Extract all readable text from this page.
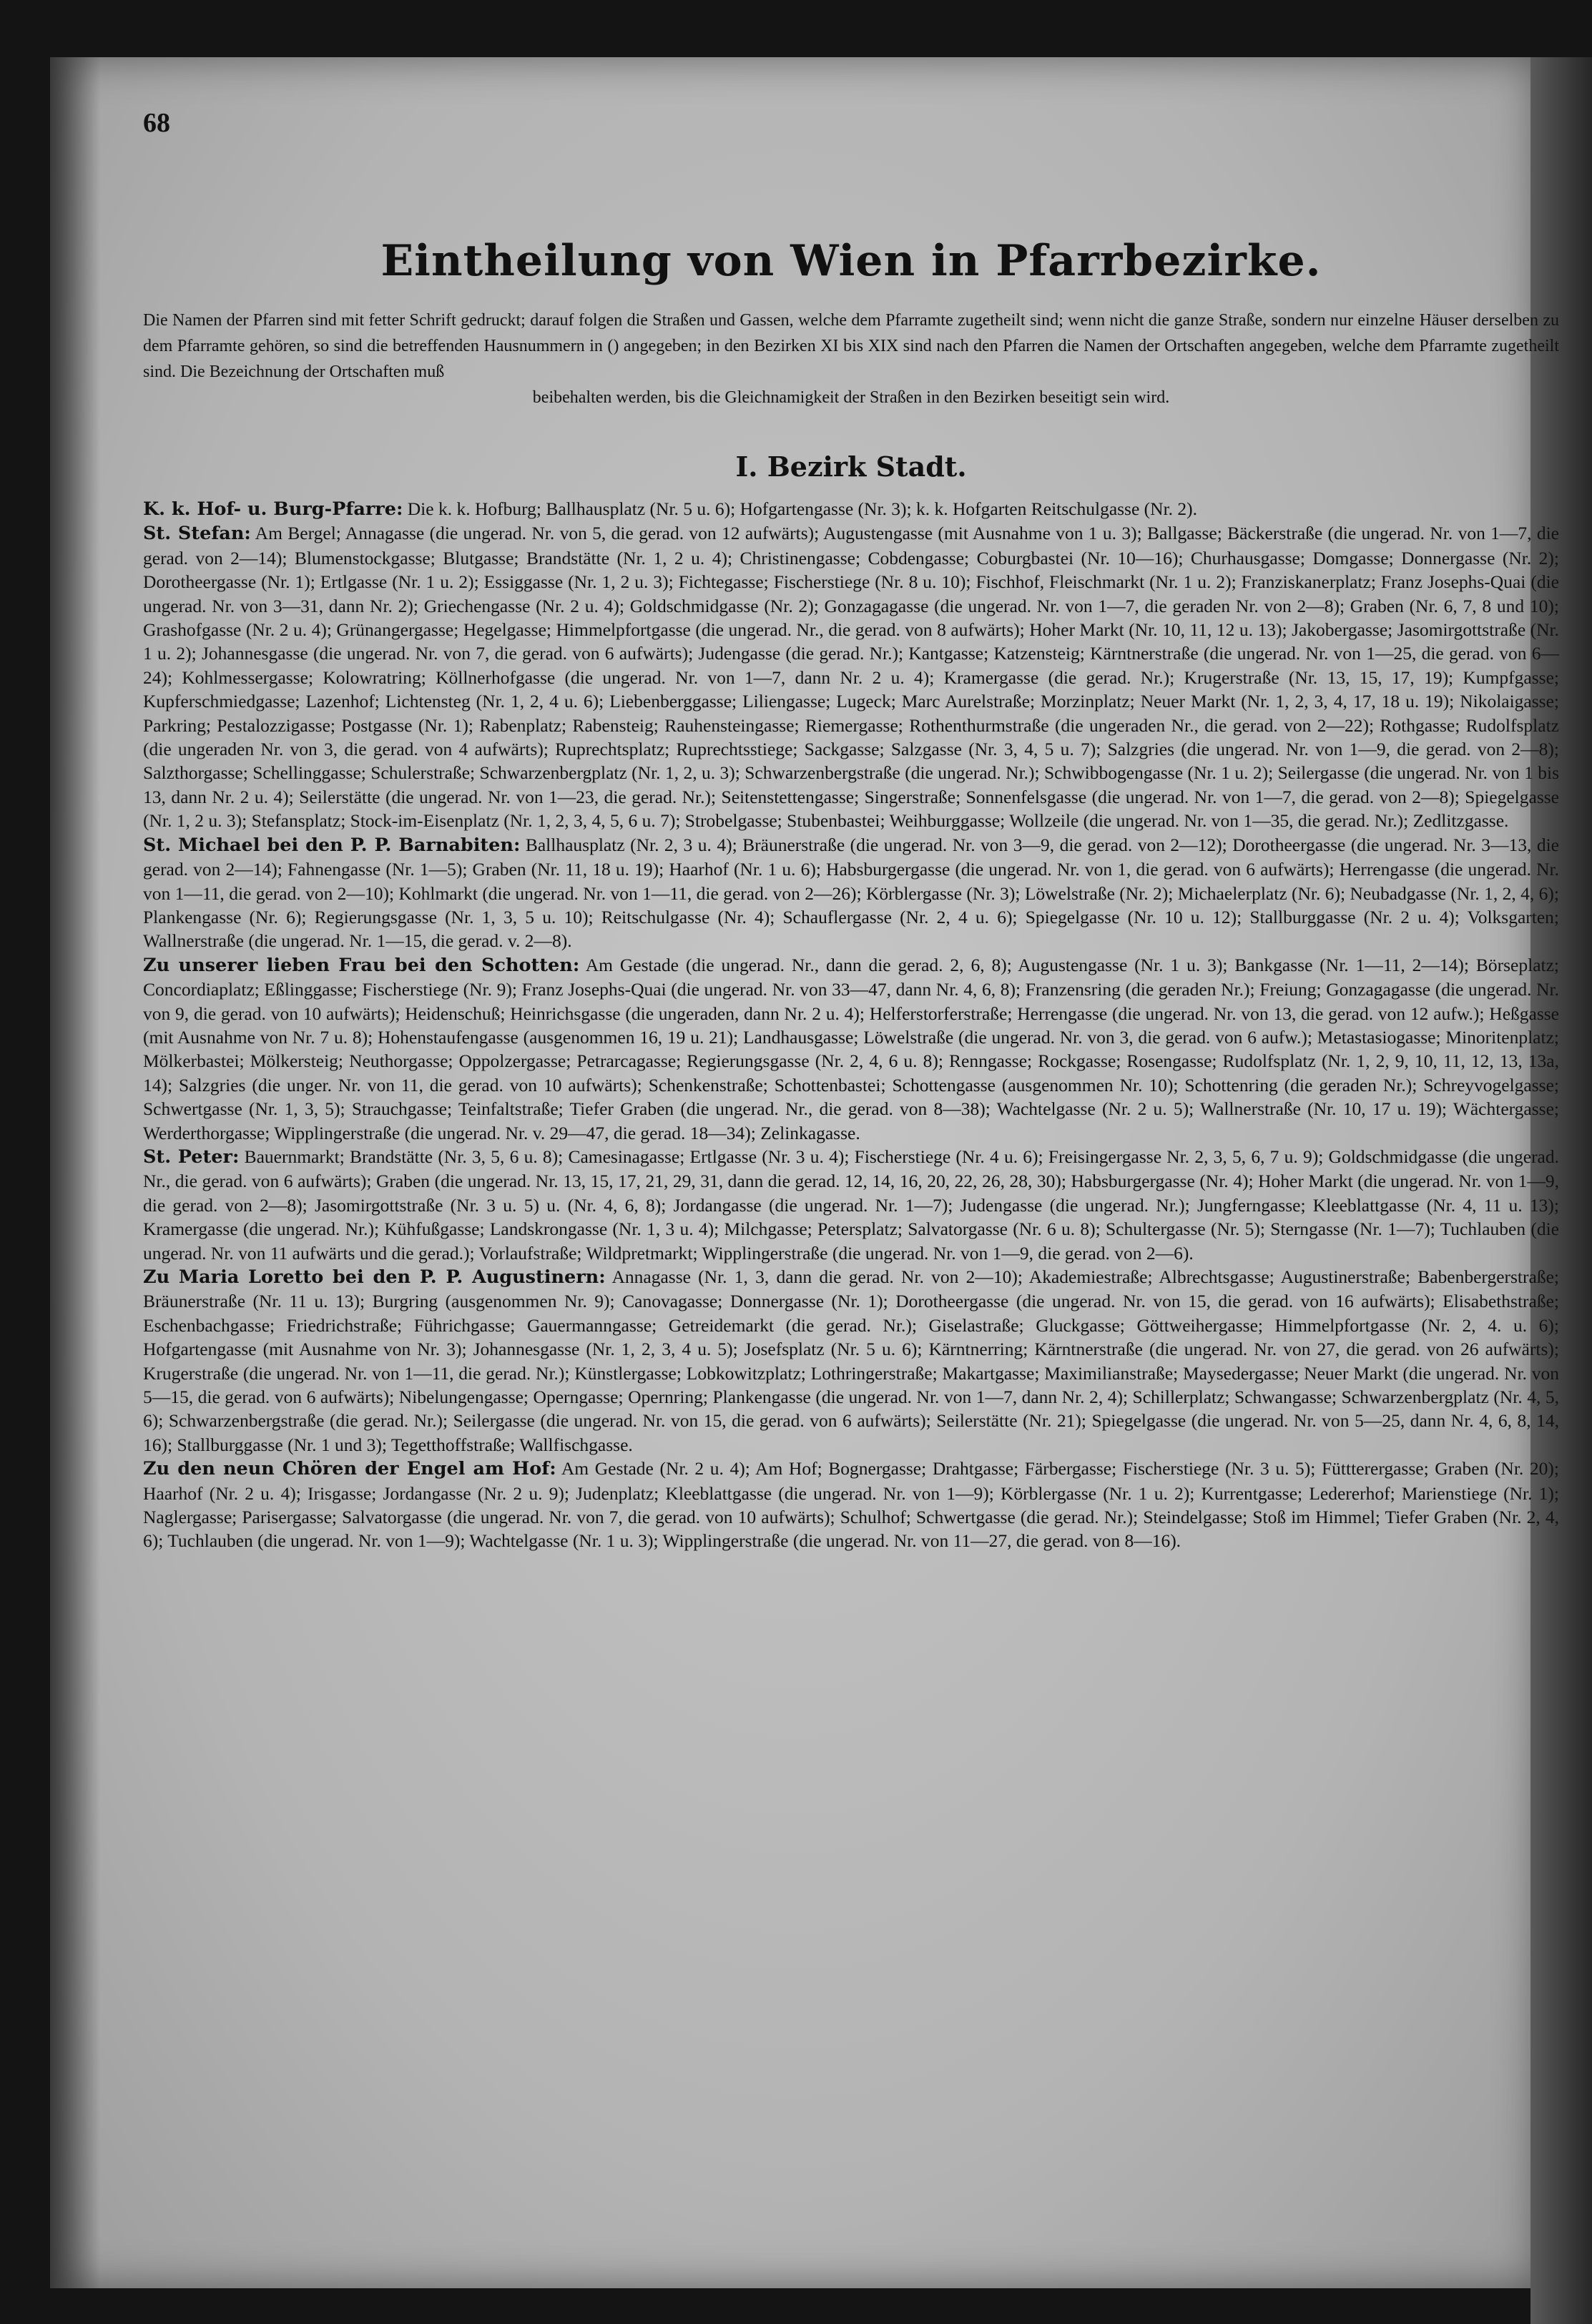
68
Eintheilung von Wien in Pfarrbezirke.
Die Namen der Pfarren sind mit fetter Schrift gedruckt; darauf folgen die Straßen und Gassen, welche dem Pfarramte zugetheilt sind; wenn nicht die ganze Straße, sondern nur einzelne Häuser derselben zu dem Pfarramte gehören, so sind die betreffenden Hausnummern in () angegeben; in den Bezirken XI bis XIX sind nach den Pfarren die Namen der Ortschaften angegeben, welche dem Pfarramte zugetheilt sind. Die Bezeichnung der Ortschaften muß
beibehalten werden, bis die Gleichnamigkeit der Straßen in den Bezirken beseitigt sein wird.
I. Bezirk Stadt.

K. k. Hof- u. Burg-Pfarre: Die k. k. Hofburg; Ballhausplatz (Nr. 5 u. 6); Hofgartengasse (Nr. 3); k. k. Hofgarten Reitschulgasse (Nr. 2).

St. Stefan: Am Bergel; Annagasse (die ungerad. Nr. von 5, die gerad. von 12 aufwärts); Augustengasse (mit Ausnahme von 1 u. 3); Ballgasse; Bäckerstraße (die ungerad. Nr. von 1—7, die gerad. von 2—14); Blumenstockgasse; Blutgasse; Brandstätte (Nr. 1, 2 u. 4); Christinengasse; Cobdengasse; Coburgbastei (Nr. 10—16); Churhausgasse; Domgasse; Donnergasse (Nr. 2); Dorotheergasse (Nr. 1); Ertlgasse (Nr. 1 u. 2); Essiggasse (Nr. 1, 2 u. 3); Fichtegasse; Fischerstiege (Nr. 8 u. 10); Fischhof, Fleischmarkt (Nr. 1 u. 2); Franziskanerplatz; Franz Josephs-Quai (die ungerad. Nr. von 3—31, dann Nr. 2); Griechengasse (Nr. 2 u. 4); Goldschmidgasse (Nr. 2); Gonzagagasse (die ungerad. Nr. von 1—7, die geraden Nr. von 2—8); Graben (Nr. 6, 7, 8 und 10); Grashofgasse (Nr. 2 u. 4); Grünangergasse; Hegelgasse; Himmelpfortgasse (die ungerad. Nr., die gerad. von 8 aufwärts); Hoher Markt (Nr. 10, 11, 12 u. 13); Jakobergasse; Jasomirgottstraße (Nr. 1 u. 2); Johannesgasse (die ungerad. Nr. von 7, die gerad. von 6 aufwärts); Judengasse (die gerad. Nr.); Kantgasse; Katzensteig; Kärntnerstraße (die ungerad. Nr. von 1—25, die gerad. von 6—24); Kohlmessergasse; Kolowratring; Köllnerhofgasse (die ungerad. Nr. von 1—7, dann Nr. 2 u. 4); Kramergasse (die gerad. Nr.); Krugerstraße (Nr. 13, 15, 17, 19); Kumpfgasse; Kupferschmiedgasse; Lazenhof; Lichtensteg (Nr. 1, 2, 4 u. 6); Liebenberggasse; Liliengasse; Lugeck; Marc Aurelstraße; Morzinplatz; Neuer Markt (Nr. 1, 2, 3, 4, 17, 18 u. 19); Nikolaigasse; Parkring; Pestalozzigasse; Postgasse (Nr. 1); Rabenplatz; Rabensteig; Rauhensteingasse; Riemergasse; Rothenthurmstraße (die ungeraden Nr., die gerad. von 2—22); Rothgasse; Rudolfsplatz (die ungeraden Nr. von 3, die gerad. von 4 aufwärts); Ruprechtsplatz; Ruprechtsstiege; Sackgasse; Salzgasse (Nr. 3, 4, 5 u. 7); Salzgries (die ungerad. Nr. von 1—9, die gerad. von 2—8); Salzthorgasse; Schellinggasse; Schulerstraße; Schwarzenbergplatz (Nr. 1, 2, u. 3); Schwarzenbergstraße (die ungerad. Nr.); Schwibbogengasse (Nr. 1 u. 2); Seilergasse (die ungerad. Nr. von 1 bis 13, dann Nr. 2 u. 4); Seilerstätte (die ungerad. Nr. von 1—23, die gerad. Nr.); Seitenstettengasse; Singerstraße; Sonnenfelsgasse (die ungerad. Nr. von 1—7, die gerad. von 2—8); Spiegelgasse (Nr. 1, 2 u. 3); Stefansplatz; Stock-im-Eisenplatz (Nr. 1, 2, 3, 4, 5, 6 u. 7); Strobelgasse; Stubenbastei; Weihburggasse; Wollzeile (die ungerad. Nr. von 1—35, die gerad. Nr.); Zedlitzgasse.

St. Michael bei den P. P. Barnabiten: Ballhausplatz (Nr. 2, 3 u. 4); Bräunerstraße (die ungerad. Nr. von 3—9, die gerad. von 2—12); Dorotheergasse (die ungerad. Nr. 3—13, die gerad. von 2—14); Fahnengasse (Nr. 1—5); Graben (Nr. 11, 18 u. 19); Haarhof (Nr. 1 u. 6); Habsburgergasse (die ungerad. Nr. von 1, die gerad. von 6 aufwärts); Herrengasse (die ungerad. Nr. von 1—11, die gerad. von 2—10); Kohlmarkt (die ungerad. Nr. von 1—11, die gerad. von 2—26); Körblergasse (Nr. 3); Löwelstraße (Nr. 2); Michaelerplatz (Nr. 6); Neubadgasse (Nr. 1, 2, 4, 6); Plankengasse (Nr. 6); Regierungsgasse (Nr. 1, 3, 5 u. 10); Reitschulgasse (Nr. 4); Schauflergasse (Nr. 2, 4 u. 6); Spiegelgasse (Nr. 10 u. 12); Stallburggasse (Nr. 2 u. 4); Volksgarten; Wallnerstraße (die ungerad. Nr. 1—15, die gerad. v. 2—8).

Zu unserer lieben Frau bei den Schotten: Am Gestade (die ungerad. Nr., dann die gerad. 2, 6, 8); Augustengasse (Nr. 1 u. 3); Bankgasse (Nr. 1—11, 2—14); Börseplatz; Concordiaplatz; Eßlinggasse; Fischerstiege (Nr. 9); Franz Josephs-Quai (die ungerad. Nr. von 33—47, dann Nr. 4, 6, 8); Franzensring (die geraden Nr.); Freiung; Gonzagagasse (die ungerad. Nr. von 9, die gerad. von 10 aufwärts); Heidenschuß; Heinrichsgasse (die ungeraden, dann Nr. 2 u. 4); Helferstorferstraße; Herrengasse (die ungerad. Nr. von 13, die gerad. von 12 aufw.); Heßgasse (mit Ausnahme von Nr. 7 u. 8); Hohenstaufengasse (ausgenommen 16, 19 u. 21); Landhausgasse; Löwelstraße (die ungerad. Nr. von 3, die gerad. von 6 aufw.); Metastasiogasse; Minoritenplatz; Mölkerbastei; Mölkersteig; Neuthorgasse; Oppolzergasse; Petrarcagasse; Regierungsgasse (Nr. 2, 4, 6 u. 8); Renngasse; Rockgasse; Rosengasse; Rudolfsplatz (Nr. 1, 2, 9, 10, 11, 12, 13, 13a, 14); Salzgries (die unger. Nr. von 11, die gerad. von 10 aufwärts); Schenkenstraße; Schottenbastei; Schottengasse (ausgenommen Nr. 10); Schottenring (die geraden Nr.); Schreyvogelgasse; Schwertgasse (Nr. 1, 3, 5); Strauchgasse; Teinfaltstraße; Tiefer Graben (die ungerad. Nr., die gerad. von 8—38); Wachtelgasse (Nr. 2 u. 5); Wallnerstraße (Nr. 10, 17 u. 19); Wächtergasse; Werderthorgasse; Wipplingerstraße (die ungerad. Nr. v. 29—47, die gerad. 18—34); Zelinkagasse.

St. Peter: Bauernmarkt; Brandstätte (Nr. 3, 5, 6 u. 8); Camesinagasse; Ertlgasse (Nr. 3 u. 4); Fischerstiege (Nr. 4 u. 6); Freisingergasse Nr. 2, 3, 5, 6, 7 u. 9); Goldschmidgasse (die ungerad. Nr., die gerad. von 6 aufwärts); Graben (die ungerad. Nr. 13, 15, 17, 21, 29, 31, dann die gerad. 12, 14, 16, 20, 22, 26, 28, 30); Habsburgergasse (Nr. 4); Hoher Markt (die ungerad. Nr. von 1—9, die gerad. von 2—8); Jasomirgottstraße (Nr. 3 u. 5) u. (Nr. 4, 6, 8); Jordangasse (die ungerad. Nr. 1—7); Judengasse (die ungerad. Nr.); Jungferngasse; Kleeblattgasse (Nr. 4, 11 u. 13); Kramergasse (die ungerad. Nr.); Kühfußgasse; Landskrongasse (Nr. 1, 3 u. 4); Milchgasse; Petersplatz; Salvatorgasse (Nr. 6 u. 8); Schultergasse (Nr. 5); Sterngasse (Nr. 1—7); Tuchlauben (die ungerad. Nr. von 11 aufwärts und die gerad.); Vorlaufstraße; Wildpretmarkt; Wipplingerstraße (die ungerad. Nr. von 1—9, die gerad. von 2—6).

Zu Maria Loretto bei den P. P. Augustinern: Annagasse (Nr. 1, 3, dann die gerad. Nr. von 2—10); Akademiestraße; Albrechtsgasse; Augustinerstraße; Babenbergerstraße; Bräunerstraße (Nr. 11 u. 13); Burgring (ausgenommen Nr. 9); Canovagasse; Donnergasse (Nr. 1); Dorotheergasse (die ungerad. Nr. von 15, die gerad. von 16 aufwärts); Elisabethstraße; Eschenbachgasse; Friedrichstraße; Führichgasse; Gauermanngasse; Getreidemarkt (die gerad. Nr.); Giselastraße; Gluckgasse; Göttweihergasse; Himmelpfortgasse (Nr. 2, 4. u. 6); Hofgartengasse (mit Ausnahme von Nr. 3); Johannesgasse (Nr. 1, 2, 3, 4 u. 5); Josefsplatz (Nr. 5 u. 6); Kärntnerring; Kärntnerstraße (die ungerad. Nr. von 27, die gerad. von 26 aufwärts); Krugerstraße (die ungerad. Nr. von 1—11, die gerad. Nr.); Künstlergasse; Lobkowitzplatz; Lothringerstraße; Makartgasse; Maximilianstraße; Maysedergasse; Neuer Markt (die ungerad. Nr. von 5—15, die gerad. von 6 aufwärts); Nibelungengasse; Operngasse; Opernring; Plankengasse (die ungerad. Nr. von 1—7, dann Nr. 2, 4); Schillerplatz; Schwangasse; Schwarzenbergplatz (Nr. 4, 5, 6); Schwarzenbergstraße (die gerad. Nr.); Seilergasse (die ungerad. Nr. von 15, die gerad. von 6 aufwärts); Seilerstätte (Nr. 21); Spiegelgasse (die ungerad. Nr. von 5—25, dann Nr. 4, 6, 8, 14, 16); Stallburggasse (Nr. 1 und 3); Tegetthoffstraße; Wallfischgasse.

Zu den neun Chören der Engel am Hof: Am Gestade (Nr. 2 u. 4); Am Hof; Bognergasse; Drahtgasse; Färbergasse; Fischerstiege (Nr. 3 u. 5); Füttterergasse; Graben (Nr. 20); Haarhof (Nr. 2 u. 4); Irisgasse; Jordangasse (Nr. 2 u. 9); Judenplatz; Kleeblattgasse (die ungerad. Nr. von 1—9); Körblergasse (Nr. 1 u. 2); Kurrentgasse; Ledererhof; Marienstiege (Nr. 1); Naglergasse; Parisergasse; Salvatorgasse (die ungerad. Nr. von 7, die gerad. von 10 aufwärts); Schulhof; Schwertgasse (die gerad. Nr.); Steindelgasse; Stoß im Himmel; Tiefer Graben (Nr. 2, 4, 6); Tuchlauben (die ungerad. Nr. von 1—9); Wachtelgasse (Nr. 1 u. 3); Wipplingerstraße (die ungerad. Nr. von 11—27, die gerad. von 8—16).
